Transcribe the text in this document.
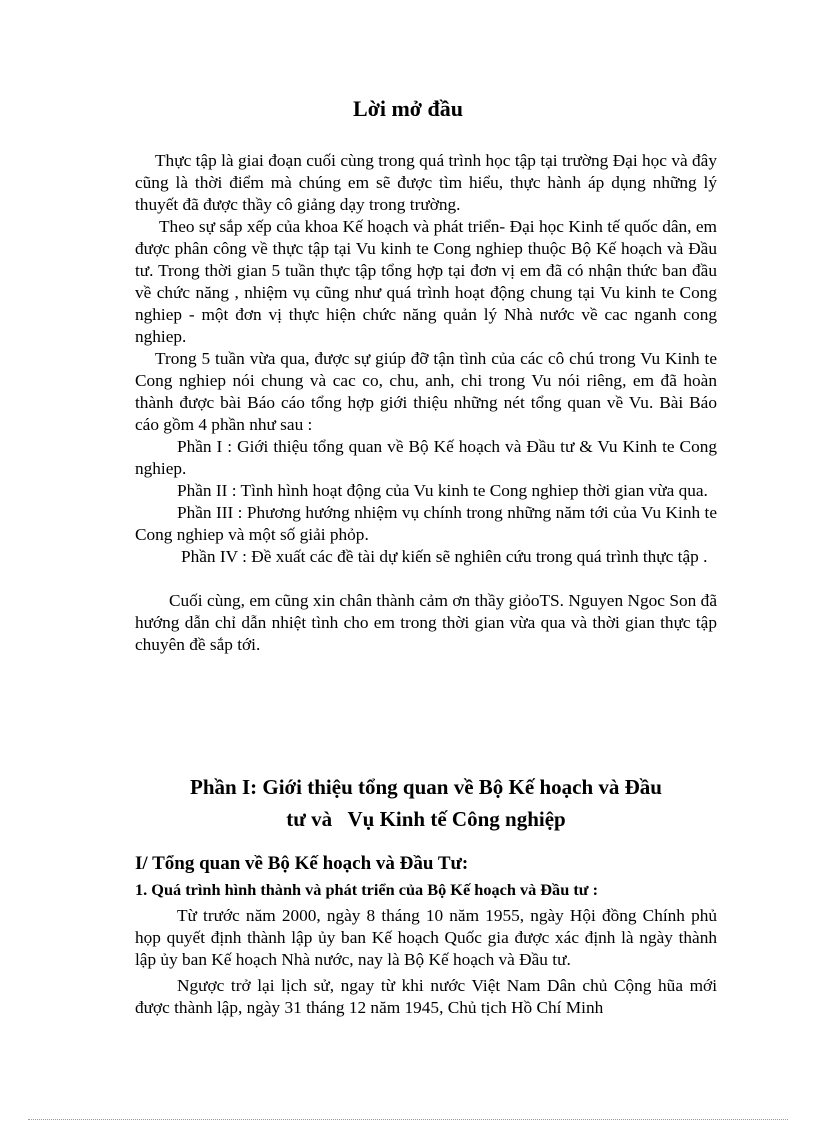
Lời mở đầu

Thực tập là giai đoạn cuối cùng trong quá trình học tập tại trường Đại học và đây cũng là thời điểm mà chúng em sẽ được tìm hiểu, thực hành áp dụng những lý thuyết đã được thầy cô giảng dạy trong trường.

Theo sự sắp xếp của khoa Kế hoạch và phát triển- Đại học Kinh tế quốc dân, em được phân công về thực tập tại Vu kinh te Cong nghiep thuộc Bộ Kế hoạch và Đầu tư. Trong thời gian 5 tuần thực tập tổng hợp tại đơn vị em đã có nhận thức ban đầu về chức năng , nhiệm vụ cũng như quá trình hoạt động chung tại Vu kinh te Cong nghiep - một đơn vị thực hiện chức năng quản lý Nhà nước về cac nganh cong nghiep.

Trong 5 tuần vừa qua, được sự giúp đỡ tận tình của các cô chú trong Vu Kinh te Cong nghiep nói chung và cac co, chu, anh, chi trong Vu nói riêng, em đã hoàn thành được bài Báo cáo tổng hợp giới thiệu những nét tổng quan về Vu. Bài Báo cáo gồm 4 phần như sau :

Phần I : Giới thiệu tổng quan về Bộ Kế hoạch và Đầu tư & Vu Kinh te Cong nghiep.

Phần II : Tình hình hoạt động của Vu kinh te Cong nghiep thời gian vừa qua.

Phần III : Phương hướng nhiệm vụ chính trong những năm tới của Vu Kinh te Cong nghiep và một số giải phỏp.

Phần IV : Đề xuất các đề tài dự kiến sẽ nghiên cứu trong quá trình thực tập .

Cuối cùng, em cũng xin chân thành cảm ơn thầy giỏoTS. Nguyen Ngoc Son đã hướng dẫn chỉ dẫn nhiệt tình cho em trong thời gian vừa qua và thời gian thực tập chuyên đề sắp tới.

Phần I: Giới thiệu tổng quan về Bộ Kế hoạch và Đầu
tư và   Vụ Kinh tế Công nghiệp
I/ Tổng quan về Bộ Kế hoạch và Đầu Tư:
1. Quá trình hình thành và phát triển của Bộ Kế hoạch và Đầu tư :

Từ trước năm 2000, ngày 8 tháng 10 năm 1955, ngày Hội đồng Chính phủ họp quyết định thành lập ủy ban Kế hoạch Quốc gia được xác định là ngày thành lập ủy ban Kế hoạch Nhà nước, nay là Bộ Kế hoạch và Đầu tư.

Ngược trở lại lịch sử, ngay từ khi nước Việt Nam Dân chủ Cộng hũa mới được thành lập, ngày 31 tháng 12 năm 1945, Chủ tịch Hồ Chí Minh
